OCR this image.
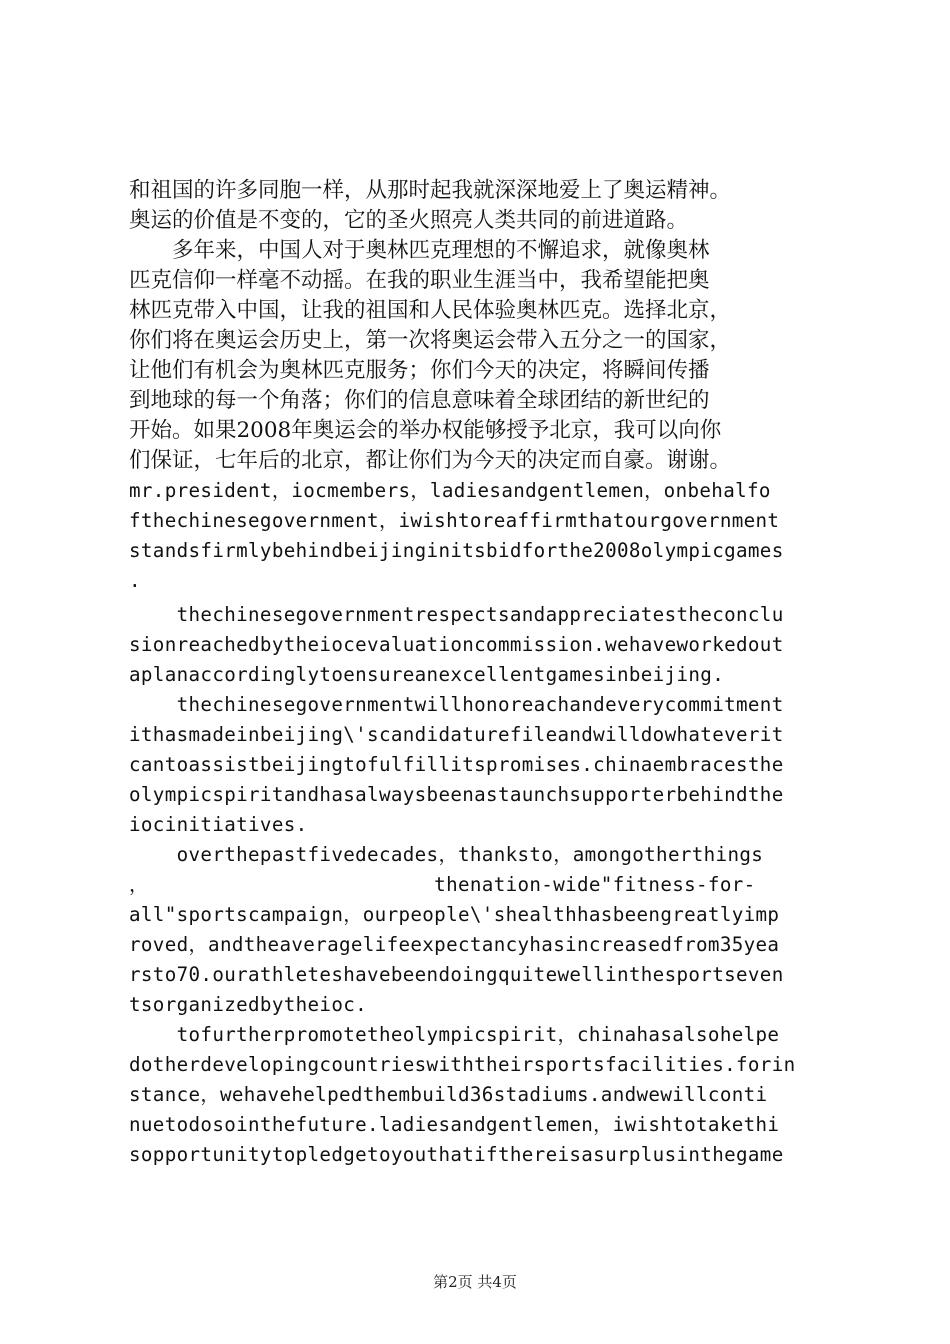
和祖国的许多同胞一样，从那时起我就深深地爱上了奥运精神。
奥运的价值是不变的，它的圣火照亮人类共同的前进道路。
　　多年来，中国人对于奥林匹克理想的不懈追求，就像奥林
匹克信仰一样毫不动摇。在我的职业生涯当中，我希望能把奥
林匹克带入中国，让我的祖国和人民体验奥林匹克。选择北京，
你们将在奥运会历史上，第一次将奥运会带入五分之一的国家，
让他们有机会为奥林匹克服务；你们今天的决定，将瞬间传播
到地球的每一个角落；你们的信息意味着全球团结的新世纪的
开始。如果2008年奥运会的举办权能够授予北京，我可以向你
们保证，七年后的北京，都让你们为今天的决定而自豪。谢谢。
mr.president，iocmembers，ladiesandgentlemen，onbehalfo
fthechinesegovernment，iwishtoreaffirmthatourgovernment
standsfirmlybehindbeijinginitsbidforthe2008olympicgames
.
thechinesegovernmentrespectsandappreciatestheconclu
sionreachedbytheiocevaluationcommission.wehaveworkedout
aplanaccordinglytoensureanexcellentgamesinbeijing.
thechinesegovernmentwillhonoreachandeverycommitment
ithasmadeinbeijing\'scandidaturefileandwilldowhateverit
cantoassistbeijingtofulfillitspromises.chinaembracesthe
olympicspiritandhasalwaysbeenastaunchsupporterbehindthe
iocinitiatives.
overthepastfivedecades，thanksto，amongotherthings
，                        thenation-wide"fitness-for-
all"sportscampaign，ourpeople\'shealthhasbeengreatlyimp
roved，andtheaveragelifeexpectancyhasincreasedfrom35yea
rsto70.ourathleteshavebeendoingquitewellinthesportseven
tsorganizedbytheioc.
tofurtherpromotetheolympicspirit，chinahasalsohelpe
dotherdevelopingcountrieswiththeirsportsfacilities.forin
stance，wehavehelpedthembuild36stadiums.andwewillconti
nuetodosointhefuture.ladiesandgentlemen，iwishtotakethi
sopportunitytopledgetoyouthatifthereisasurplusinthegame
第2页 共4页
